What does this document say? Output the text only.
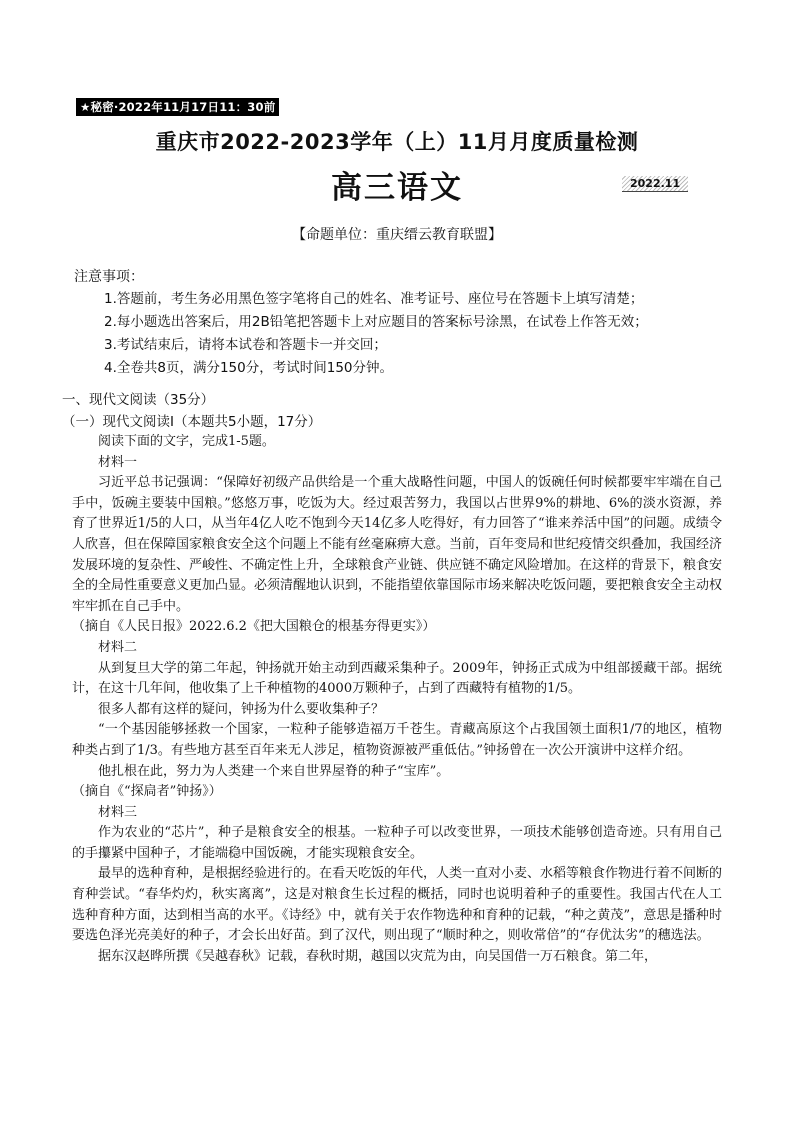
★秘密·2022年11月17日11：30前
重庆市2022-2023学年（上）11月月度质量检测
高三语文	2022.11
【命题单位：重庆缙云教育联盟】
注意事项：
1.答题前，考生务必用黑色签字笔将自己的姓名、准考证号、座位号在答题卡上填写清楚；
2.每小题选出答案后，用2B铅笔把答题卡上对应题目的答案标号涂黑，在试卷上作答无效；
3.考试结束后，请将本试卷和答题卡一并交回；
4.全卷共8页，满分150分，考试时间150分钟。
一、现代文阅读（35分）
（一）现代文阅读Ⅰ（本题共5小题，17分）

阅读下面的文字，完成1-5题。

材料一

习近平总书记强调：“保障好初级产品供给是一个重大战略性问题，中国人的饭碗任何时候都要牢牢端在自己手中，饭碗主要装中国粮。”悠悠万事，吃饭为大。经过艰苦努力，我国以占世界9%的耕地、6%的淡水资源，养育了世界近1/5的人口，从当年4亿人吃不饱到今天14亿多人吃得好，有力回答了“谁来养活中国”的问题。成绩令人欣喜，但在保障国家粮食安全这个问题上不能有丝毫麻痹大意。当前，百年变局和世纪疫情交织叠加，我国经济发展环境的复杂性、严峻性、不确定性上升，全球粮食产业链、供应链不确定风险增加。在这样的背景下，粮食安全的全局性重要意义更加凸显。必须清醒地认识到，不能指望依靠国际市场来解决吃饭问题，要把粮食安全主动权牢牢抓在自己手中。

（摘自《人民日报》2022.6.2《把大国粮仓的根基夯得更实》）

材料二

从到复旦大学的第二年起，钟扬就开始主动到西藏采集种子。2009年，钟扬正式成为中组部援藏干部。据统计，在这十几年间，他收集了上千种植物的4000万颗种子，占到了西藏特有植物的1/5。

很多人都有这样的疑问，钟扬为什么要收集种子？

“一个基因能够拯救一个国家，一粒种子能够造福万千苍生。青藏高原这个占我国领土面积1/7的地区，植物种类占到了1/3。有些地方甚至百年来无人涉足，植物资源被严重低估。”钟扬曾在一次公开演讲中这样介绍。

他扎根在此，努力为人类建一个来自世界屋脊的种子“宝库”。

（摘自《“探扃者”钟扬》）

材料三

作为农业的“芯片”，种子是粮食安全的根基。一粒种子可以改变世界，一项技术能够创造奇迹。只有用自己的手攥紧中国种子，才能端稳中国饭碗，才能实现粮食安全。

最早的选种育种，是根据经验进行的。在看天吃饭的年代，人类一直对小麦、水稻等粮食作物进行着不间断的育种尝试。“春华灼灼，秋实离离”，这是对粮食生长过程的概括，同时也说明着种子的重要性。我国古代在人工选种育种方面，达到相当高的水平。《诗经》中，就有关于农作物选种和育种的记载，“种之黄茂”，意思是播种时要选色泽光亮美好的种子，才会长出好苗。到了汉代，则出现了“顺时种之，则收常倍”的“存优汰劣”的穗选法。

据东汉赵晔所撰《吴越春秋》记载，春秋时期，越国以灾荒为由，向吴国借一万石粮食。第二年，
